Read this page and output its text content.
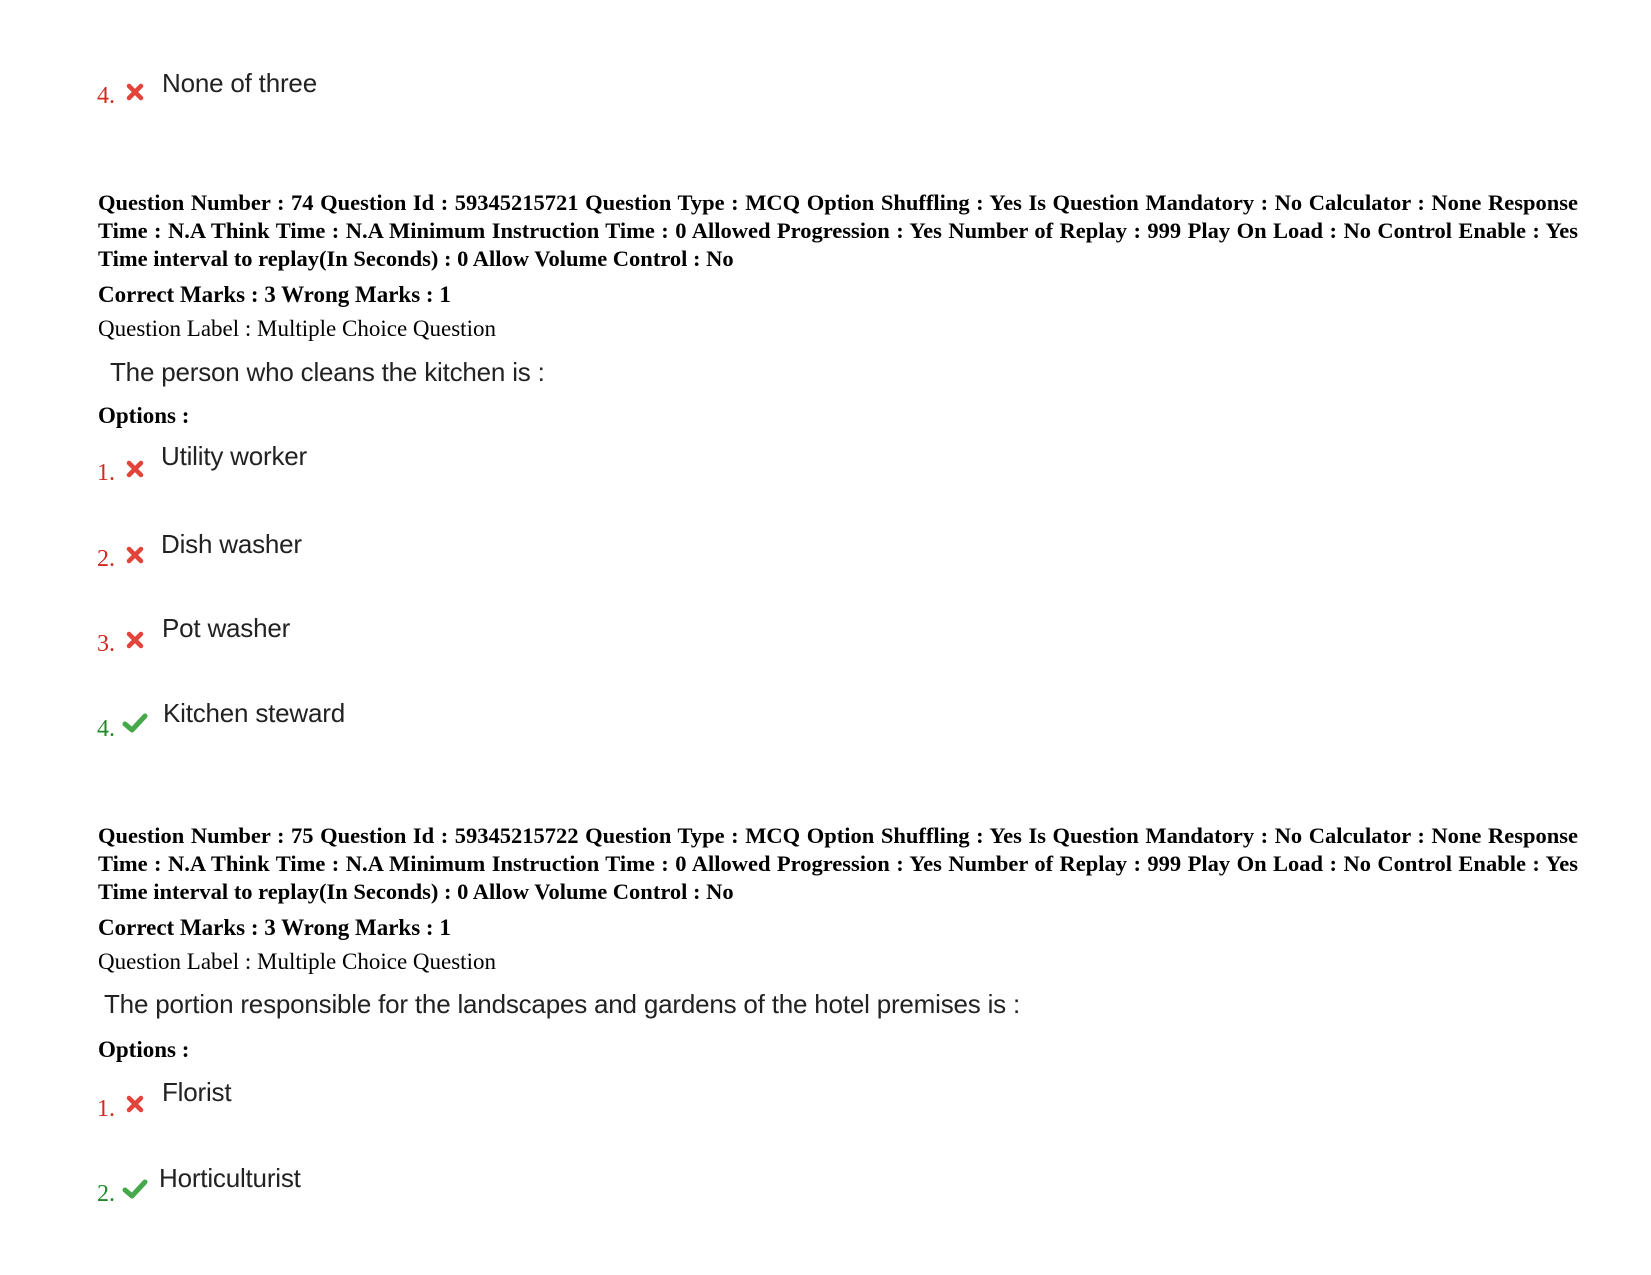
4. None of three
Question Number : 74 Question Id : 59345215721 Question Type : MCQ Option Shuffling : Yes Is Question Mandatory : No Calculator : None Response Time : N.A Think Time : N.A Minimum Instruction Time : 0 Allowed Progression : Yes Number of Replay : 999 Play On Load : No Control Enable : Yes Time interval to replay(In Seconds) : 0 Allow Volume Control : No
Correct Marks : 3 Wrong Marks : 1
Question Label : Multiple Choice Question
The person who cleans the kitchen is :
Options :
1.
Utility worker
2. Dish washer
3.
Pot washer
4.
Kitchen steward
Question Number : 75 Question Id : 59345215722 Question Type : MCQ Option Shuffling : Yes Is Question Mandatory : No Calculator : None Response Time : N.A Think Time : N.A Minimum Instruction Time : 0 Allowed Progression : Yes Number of Replay : 999 Play On Load : No Control Enable : Yes Time interval to replay(In Seconds) : 0 Allow Volume Control : No
Correct Marks : 3 Wrong Marks : 1
Question Label : Multiple Choice Question
The portion responsible for the landscapes and gardens of the hotel premises is :
Options :
1.
Florist
2.
Horticulturist
